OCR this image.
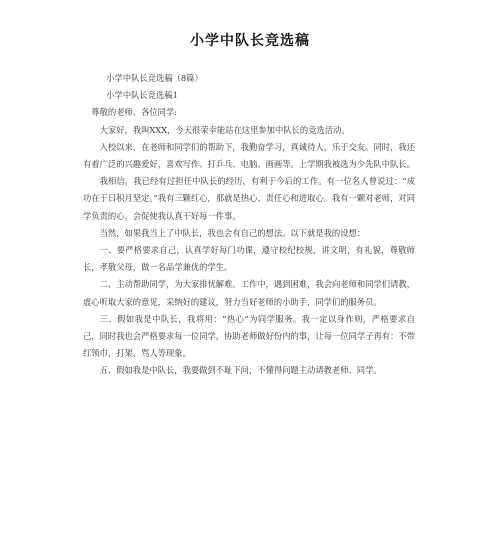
小学中队长竞选稿

小学中队长竞选稿（8篇）

小学中队长竞选稿1

尊敬的老师、各位同学:

大家好，我叫XXX，今天很荣幸能站在这里参加中队长的竞选活动。

入校以来，在老师和同学们的帮助下，我勤奋学习，真诚待人，乐于交友。同时，我还有着广泛的兴趣爱好，喜欢写作、打乒乓、电脑、画画等。上学期我被选为少先队中队长。

我相信，我已经有过担任中队长的经历，有利于今后的工作。有一位名人曾说过：“成功在于日积月坚定。”我有三颗红心，那就是热心、责任心和进取心。我有一颗对老师，对同学负责的心，会促使我认真干好每一件事。

当然，如果我当上了中队长，我也会有自己的想法。以下就是我的设想：

一、要严格要求自己，认真学好每门功课，遵守校纪校规，讲文明，有礼貌，尊敬师长，孝敬父母，做一名品学兼优的学生。

二、主动帮助同学，为大家排忧解难。工作中，遇到困难，我会向老师和同学们请教，虚心听取大家的意见，采纳好的建议，努力当好老师的小助手，同学们的服务员。

三、假如我是中队长，我将用：“热心”为同学服务。我一定以身作则，严格要求自己，同时我也会严格要求每一位同学，协助老师做好份内的事，让每一位同学子再有：不带红领巾，打架，骂人等现象。

五、假如我是中队长，我要做到不耻下问，不懂得问题主动请教老师、同学。
